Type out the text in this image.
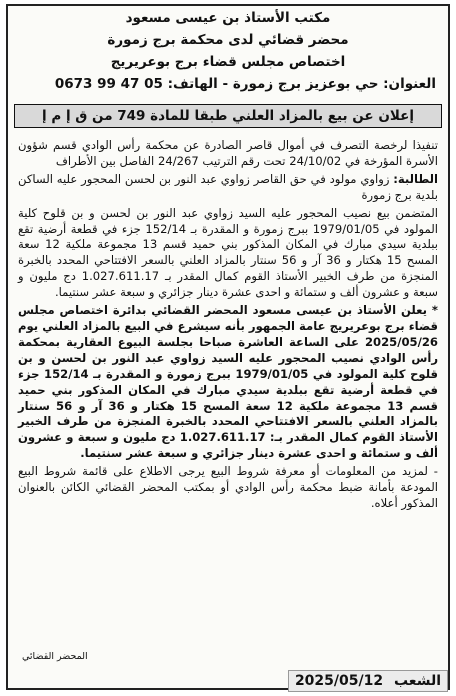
مكتب الأستاذ بن عيسى مسعود
محضر قضائي لدى محكمة برج زمورة
اختصاص مجلس قضاء برج بوعريريج
العنوان: حي بوعزيز برج زمورة - الهاتف: 05 47 99 0673
إعلان عن بيع بالمزاد العلني طبقا للمادة 749 من ق إ م إ

تنفيذا لرخصة التصرف في أموال قاصر الصادرة عن محكمة رأس الوادي قسم شؤون الأسرة المؤرخة في 24/10/02 تحت رقم الترتيب 24/267 الفاصل بين الأطراف

الطالبة: زواوي مولود في حق القاصر زواوي عبد النور بن لحسن المحجور عليه الساكن بلدية برج زمورة

المتضمن بيع نصيب المحجور عليه السيد زواوي عبد النور بن لحسن و بن قلوح كلية المولود في 1979/01/05 ببرج زمورة و المقدرة بـ 152/14 جزء في قطعة أرضية تقع ببلدية سيدي مبارك في المكان المذكور بني حميد قسم 13 مجموعة ملكية 12 سعة المسح 15 هكتار و 36 آر و 56 سنتار بالمزاد العلني بالسعر الافتتاحي المحدد بالخبرة المنجزة من طرف الخبير الأستاذ القوم كمال المقدر بـ 1.027.611.17 دج مليون و سبعة و عشرون ألف و ستمائة و احدى عشرة دينار جزائري و سبعة عشر سنتيما.

* يعلن الأستاذ بن عيسى مسعود المحضر القضائي بدائرة اختصاص مجلس قضاء برج بوعريريج عامة الجمهور بأنه سيشرع في البيع بالمزاد العلني يوم 2025/05/26 على الساعة العاشرة صباحا بجلسة البيوع العقارية بمحكمة رأس الوادي نصيب المحجور عليه السيد زواوي عبد النور بن لحسن و بن قلوح كلية المولود في 1979/01/05 ببرج زمورة و المقدرة بـ 152/14 جزء في قطعة أرضية تقع ببلدية سيدي مبارك في المكان المذكور بني حميد قسم 13 مجموعة ملكية 12 سعة المسح 15 هكتار و 36 آر و 56 سنتار بالمزاد العلني بالسعر الافتتاحي المحدد بالخبرة المنجزة من طرف الخبير الأستاذ القوم كمال المقدر بـ: 1.027.611.17 دج مليون و سبعة و عشرون ألف و ستمائة و احدى عشرة دينار جزائري و سبعة عشر سنتيما.

- لمزيد من المعلومات أو معرفة شروط البيع يرجى الاطلاع على قائمة شروط البيع المودعة بأمانة ضبط محكمة رأس الوادي أو بمكتب المحضر القضائي الكائن بالعنوان المذكور أعلاه.

المحضر القضائي
2025/05/12 الشعب
